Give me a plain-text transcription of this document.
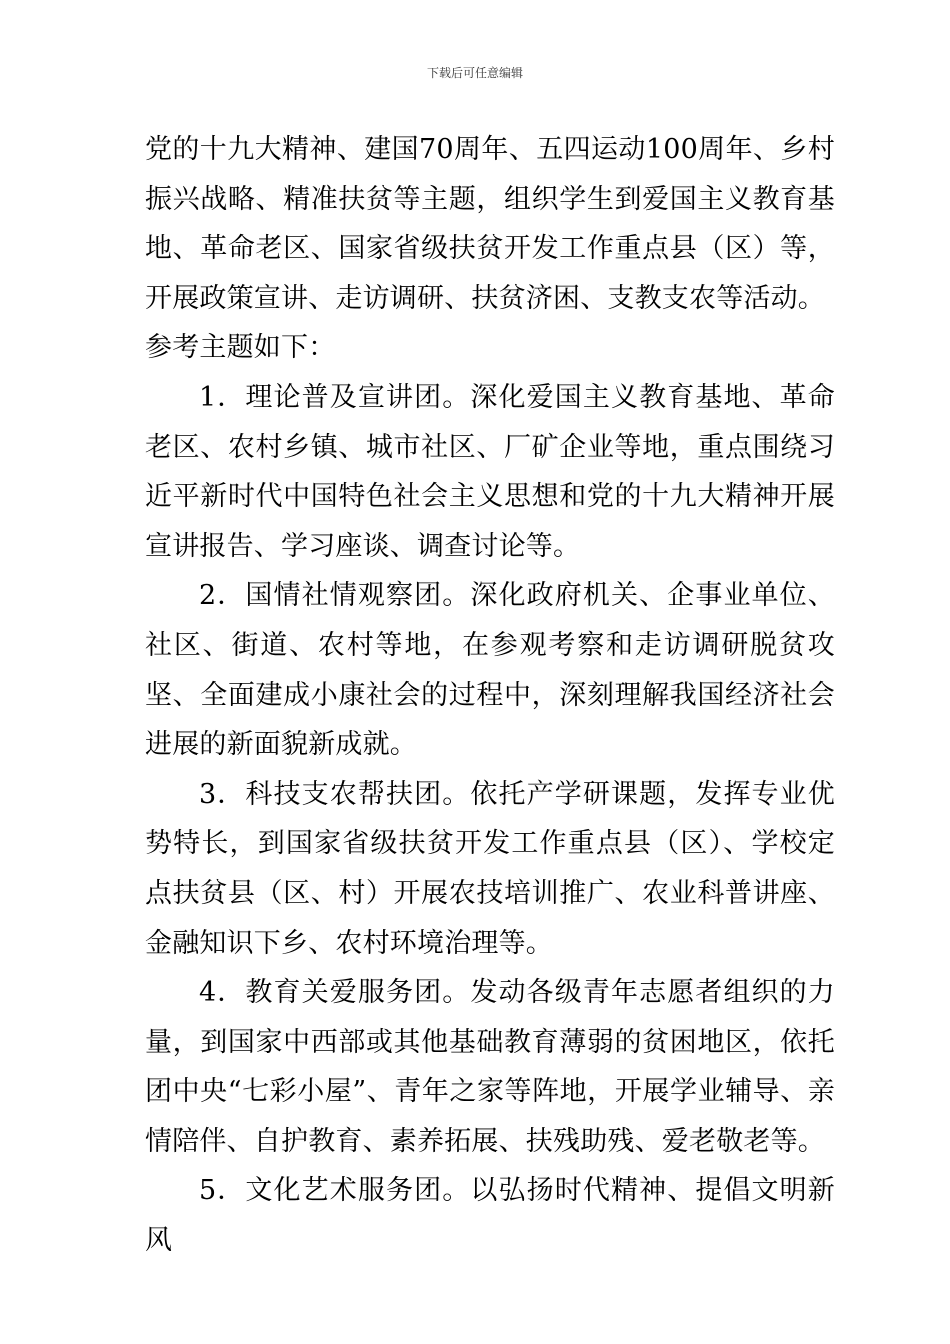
下载后可任意编辑

党的十九大精神、建国70周年、五四运动100周年、乡村振兴战略、精准扶贫等主题，组织学生到爱国主义教育基地、革命老区、国家省级扶贫开发工作重点县（区）等，开展政策宣讲、走访调研、扶贫济困、支教支农等活动。

参考主题如下：

1．理论普及宣讲团。深化爱国主义教育基地、革命老区、农村乡镇、城市社区、厂矿企业等地，重点围绕习近平新时代中国特色社会主义思想和党的十九大精神开展宣讲报告、学习座谈、调查讨论等。

2．国情社情观察团。深化政府机关、企事业单位、社区、街道、农村等地，在参观考察和走访调研脱贫攻坚、全面建成小康社会的过程中，深刻理解我国经济社会进展的新面貌新成就。

3．科技支农帮扶团。依托产学研课题，发挥专业优势特长，到国家省级扶贫开发工作重点县（区）、学校定点扶贫县（区、村）开展农技培训推广、农业科普讲座、金融知识下乡、农村环境治理等。

4．教育关爱服务团。发动各级青年志愿者组织的力量，到国家中西部或其他基础教育薄弱的贫困地区，依托团中央“七彩小屋”、青年之家等阵地，开展学业辅导、亲情陪伴、自护教育、素养拓展、扶残助残、爱老敬老等。

5．文化艺术服务团。以弘扬时代精神、提倡文明新风
